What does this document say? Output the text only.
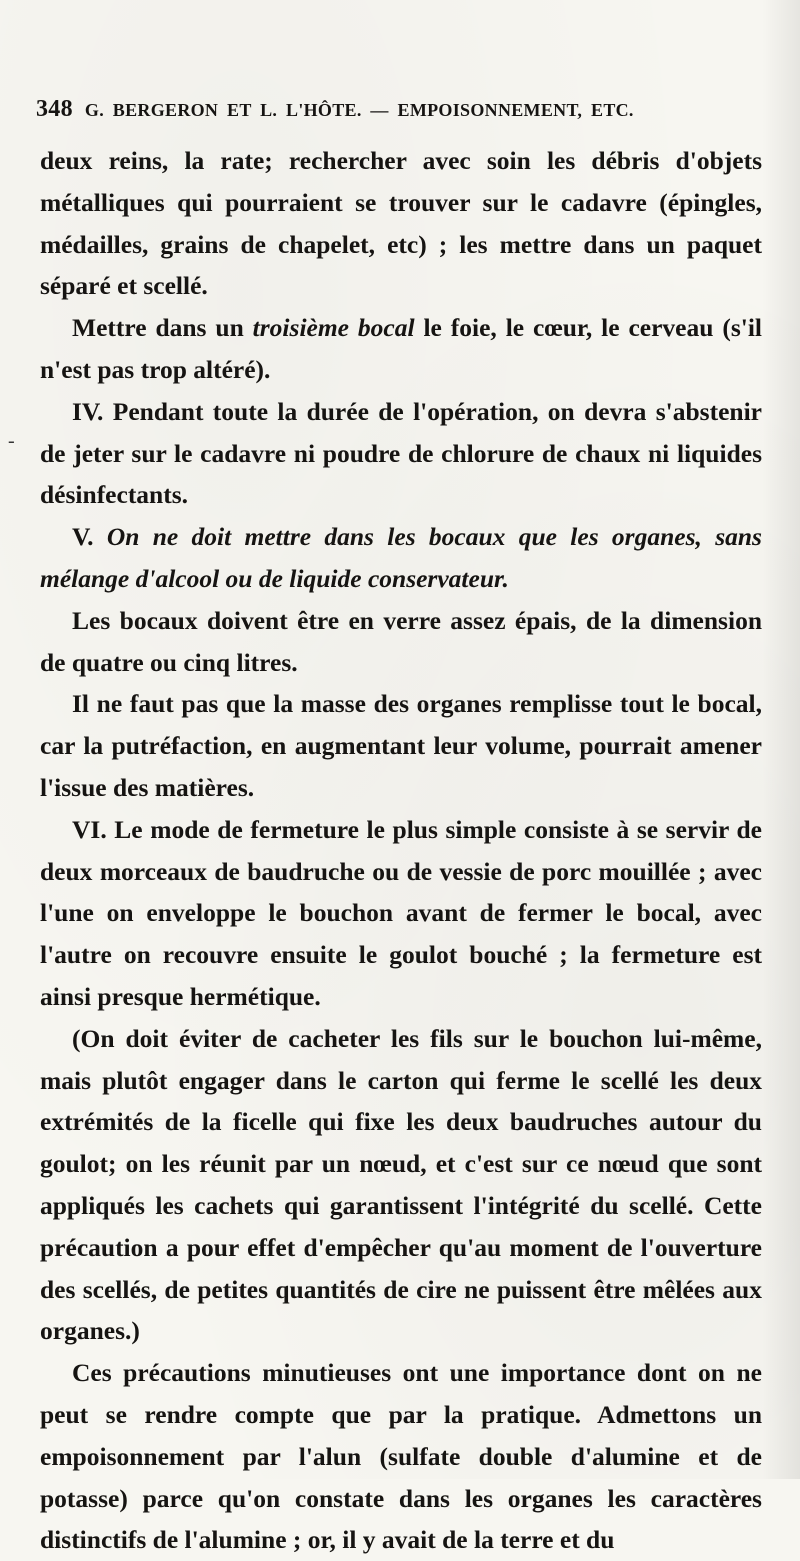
-
348 G. BERGERON ET L. L'HÔTE. — EMPOISONNEMENT, ETC.

deux reins, la rate; rechercher avec soin les débris d'objets métalliques qui pourraient se trouver sur le cadavre (épingles, médailles, grains de chapelet, etc) ; les mettre dans un paquet séparé et scellé.

Mettre dans un troisième bocal le foie, le cœur, le cerveau (s'il n'est pas trop altéré).

IV. Pendant toute la durée de l'opération, on devra s'abstenir de jeter sur le cadavre ni poudre de chlorure de chaux ni liquides désinfectants.

V. On ne doit mettre dans les bocaux que les organes, sans mélange d'alcool ou de liquide conservateur.

Les bocaux doivent être en verre assez épais, de la dimension de quatre ou cinq litres.

Il ne faut pas que la masse des organes remplisse tout le bocal, car la putréfaction, en augmentant leur volume, pourrait amener l'issue des matières.

VI. Le mode de fermeture le plus simple consiste à se servir de deux morceaux de baudruche ou de vessie de porc mouillée ; avec l'une on enveloppe le bouchon avant de fermer le bocal, avec l'autre on recouvre ensuite le goulot bouché ; la fermeture est ainsi presque hermétique.

(On doit éviter de cacheter les fils sur le bouchon lui-même, mais plutôt engager dans le carton qui ferme le scellé les deux extrémités de la ficelle qui fixe les deux baudruches autour du goulot; on les réunit par un nœud, et c'est sur ce nœud que sont appliqués les cachets qui garantissent l'intégrité du scellé. Cette précaution a pour effet d'empêcher qu'au moment de l'ouverture des scellés, de petites quantités de cire ne puissent être mêlées aux organes.)

Ces précautions minutieuses ont une importance dont on ne peut se rendre compte que par la pratique. Admettons un empoisonnement par l'alun (sulfate double d'alumine et de potasse) parce qu'on constate dans les organes les caractères distinctifs de l'alumine ; or, il y avait de la terre et du
